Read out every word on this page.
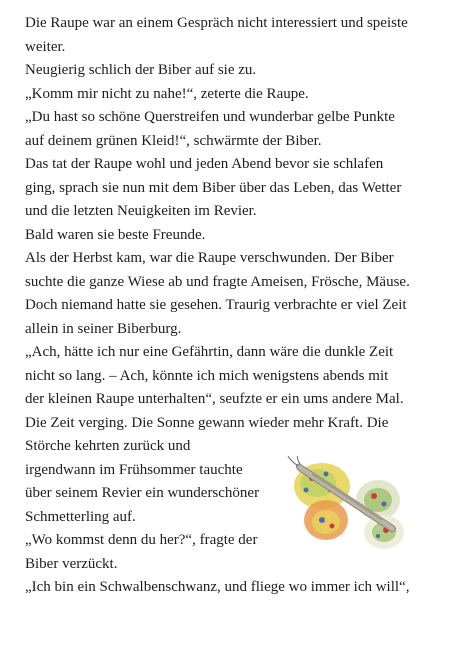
Die Raupe war an einem Gespräch nicht interessiert und speiste
weiter.
Neugierig schlich der Biber auf sie zu.
„Komm mir nicht zu nahe!“, zeterte die Raupe.
„Du hast so schöne Querstreifen und wunderbar gelbe Punkte
auf deinem grünen Kleid!“, schwärmte der Biber.
Das tat der Raupe wohl und jeden Abend bevor sie schlafen
ging, sprach sie nun mit dem Biber über das Leben, das Wetter
und die letzten Neuigkeiten im Revier.
Bald waren sie beste Freunde.
Als der Herbst kam, war die Raupe verschwunden. Der Biber
suchte die ganze Wiese ab und fragte Ameisen, Frösche, Mäuse.
Doch niemand hatte sie gesehen. Traurig verbrachte er viel Zeit
allein in seiner Biberburg.
„Ach, hätte ich nur eine Gefährtin, dann wäre die dunkle Zeit
nicht so lang. – Ach, könnte ich mich wenigstens abends mit
der kleinen Raupe unterhalten“, seufzte er ein ums andere Mal.
Die Zeit verging. Die Sonne gewann wieder mehr Kraft. Die
Störche kehrten zurück und
irgendwann im Frühsommer tauchte
über seinem Revier ein wunderschöner
Schmetterling auf.
„Wo kommst denn du her?“, fragte der
Biber verzückt.
„Ich bin ein Schwalbenschwanz, und fliege wo immer ich will“,
